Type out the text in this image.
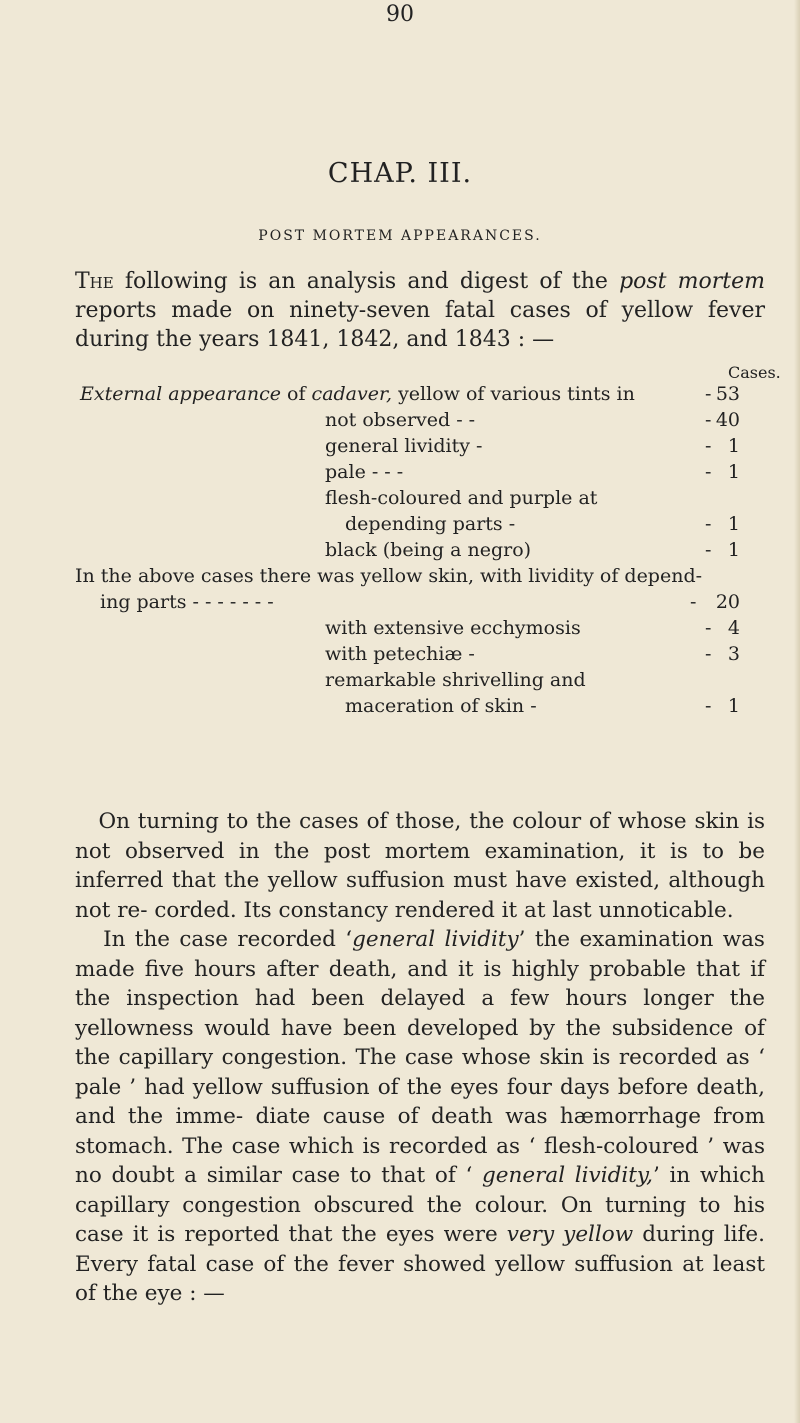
90
CHAP. III.
POST MORTEM APPEARANCES.
The following is an analysis and digest of the post mortem reports made on ninety-seven fatal cases of yellow fever during the years 1841, 1842, and 1843 : —
Cases.
External appearance of cadaver, yellow of various tints in	- 53
not observed - -	- 40
general lividity -	- 1
pale - - -	- 1
flesh-coloured and purple at
depending parts -	- 1
black (being a negro)	- 1
In the above cases there was yellow skin, with lividity of depend-
ing parts - - - - - - -	-	20
with extensive ecchymosis	- 4
with petechiæ -	- 3
remarkable shrivelling and
maceration of skin -	- 1

On turning to the cases of those, the colour of whose skin is not observed in the post mortem examination, it is to be inferred that the yellow suffusion must have existed, although not re- corded. Its constancy rendered it at last unnoticable.

In the case recorded ‘general lividity’ the examination was made five hours after death, and it is highly probable that if the inspection had been delayed a few hours longer the yellowness would have been developed by the subsidence of the capillary congestion. The case whose skin is recorded as ‘ pale ’ had yellow suffusion of the eyes four days before death, and the imme- diate cause of death was hæmorrhage from stomach. The case which is recorded as ‘ flesh-coloured ’ was no doubt a similar case to that of ‘ general lividity,’ in which capillary congestion obscured the colour. On turning to his case it is reported that the eyes were very yellow during life. Every fatal case of the fever showed yellow suffusion at least of the eye : —
